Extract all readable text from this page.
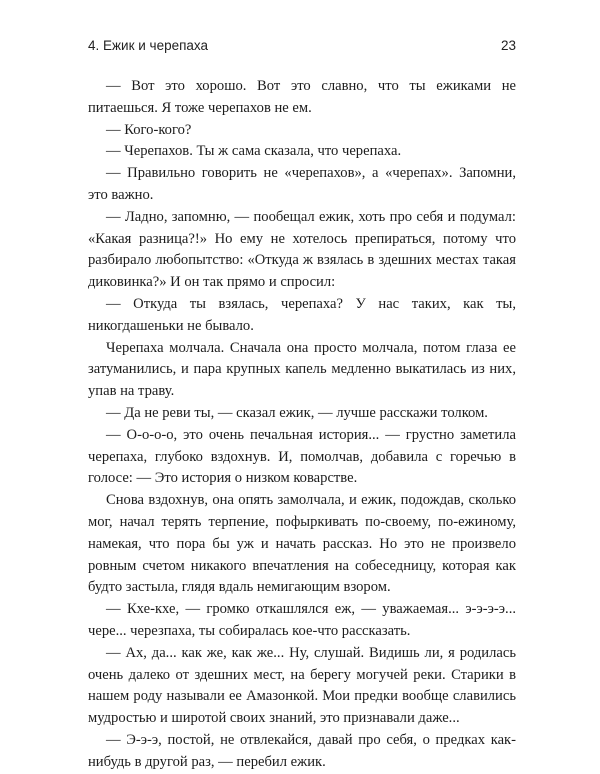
4. Ежик и черепаха	23

— Вот это хорошо. Вот это славно, что ты ежиками не питаешься. Я тоже черепахов не ем.

— Кого-кого?

— Черепахов. Ты ж сама сказала, что черепаха.

— Правильно говорить не «черепахов», а «черепах». Запомни, это важно.

— Ладно, запомню, — пообещал ежик, хоть про себя и подумал: «Какая разница?!» Но ему не хотелось препираться, потому что разбирало любопытство: «Откуда ж взялась в здешних местах такая диковинка?» И он так прямо и спросил:

— Откуда ты взялась, черепаха? У нас таких, как ты, никогдашеньки не бывало.

Черепаха молчала. Сначала она просто молчала, потом глаза ее затуманились, и пара крупных капель медленно выкатилась из них, упав на траву.

— Да не реви ты, — сказал ежик, — лучше расскажи толком.

— О-о-о-о, это очень печальная история... — грустно заметила черепаха, глубоко вздохнув. И, помолчав, добавила с горечью в голосе: — Это история о низком коварстве.

Снова вздохнув, она опять замолчала, и ежик, подождав, сколько мог, начал терять терпение, пофыркивать по-своему, по-ежиному, намекая, что пора бы уж и начать рассказ. Но это не произвело ровным счетом никакого впечатления на собеседницу, которая как будто застыла, глядя вдаль немигающим взором.

— Кхе-кхе, — громко откашлялся еж, — уважаемая... э-э-э-э... чере... черезпаха, ты собиралась кое-что рассказать.

— Ах, да... как же, как же... Ну, слушай. Видишь ли, я родилась очень далеко от здешних мест, на берегу могучей реки. Старики в нашем роду называли ее Амазонкой. Мои предки вообще славились мудростью и широтой своих знаний, это признавали даже...

— Э-э-э, постой, не отвлекайся, давай про себя, о предках как-нибудь в другой раз, — перебил ежик.
